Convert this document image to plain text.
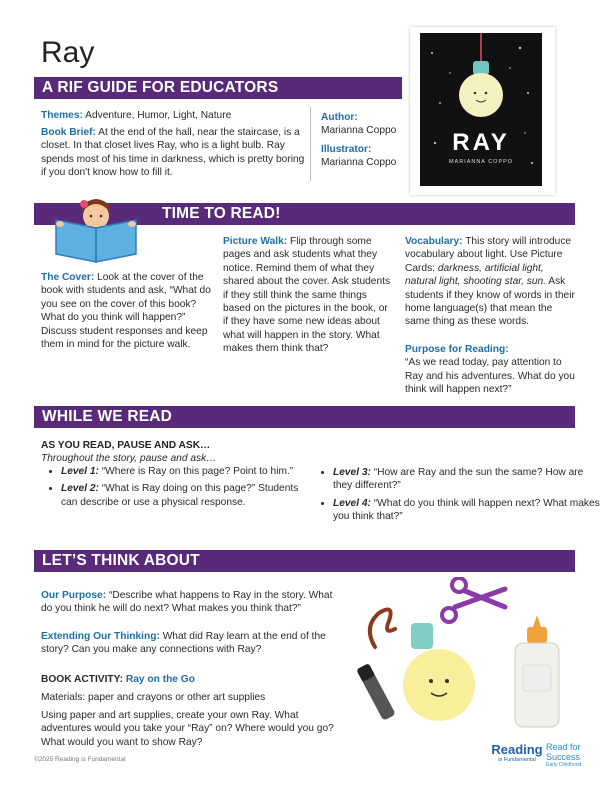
Ray
A RIF GUIDE FOR EDUCATORS
Themes: Adventure, Humor, Light, Nature
Book Brief: At the end of the hall, near the staircase, is a closet. In that closet lives Ray, who is a light bulb. Ray spends most of his time in darkness, which is pretty boring if you don't know how to fill it.

Author:

Marianna Coppo

Illustrator:

Marianna Coppo

RAY
MARIANNA COPPO
TIME TO READ!
The Cover: Look at the cover of the book with students and ask, “What do you see on the cover of this book? What do you think will happen?” Discuss student responses and keep them in mind for the picture walk.
Picture Walk: Flip through some pages and ask students what they notice. Remind them of what they shared about the cover. Ask students if they still think the same things based on the pictures in the book, or if they have some new ideas about what will happen in the story. What makes them think that?
Vocabulary: This story will introduce vocabulary about light. Use Picture Cards: darkness, artificial light, natural light, shooting star, sun. Ask students if they know of words in their home language(s) that mean the same thing as these words.

Purpose for Reading:

“As we read today, pay attention to Ray and his adventures. What do you think will happen next?”

WHILE WE READ

AS YOU READ, PAUSE AND ASK…

Throughout the story, pause and ask…

• Level 1: “Where is Ray on this page? Point to him.”
• Level 2: “What is Ray doing on this page?” Students can describe or use a physical response.
• Level 3: “How are Ray and the sun the same? How are they different?”
• Level 4: “What do you think will happen next? What makes you think that?”
LET’S THINK ABOUT
Our Purpose: “Describe what happens to Ray in the story. What do you think he will do next? What makes you think that?”
Extending Our Thinking: What did Ray learn at the end of the story? Can you make any connections with Ray?
BOOK ACTIVITY: Ray on the Go
Materials: paper and crayons or other art supplies
Using paper and art supplies, create your own Ray. What adventures would you take your “Ray” on? Where would you go? What would you want to show Ray?
©2025 Reading is Fundamental
Reading
is Fundamental
Read for
Success
Early Childhood
